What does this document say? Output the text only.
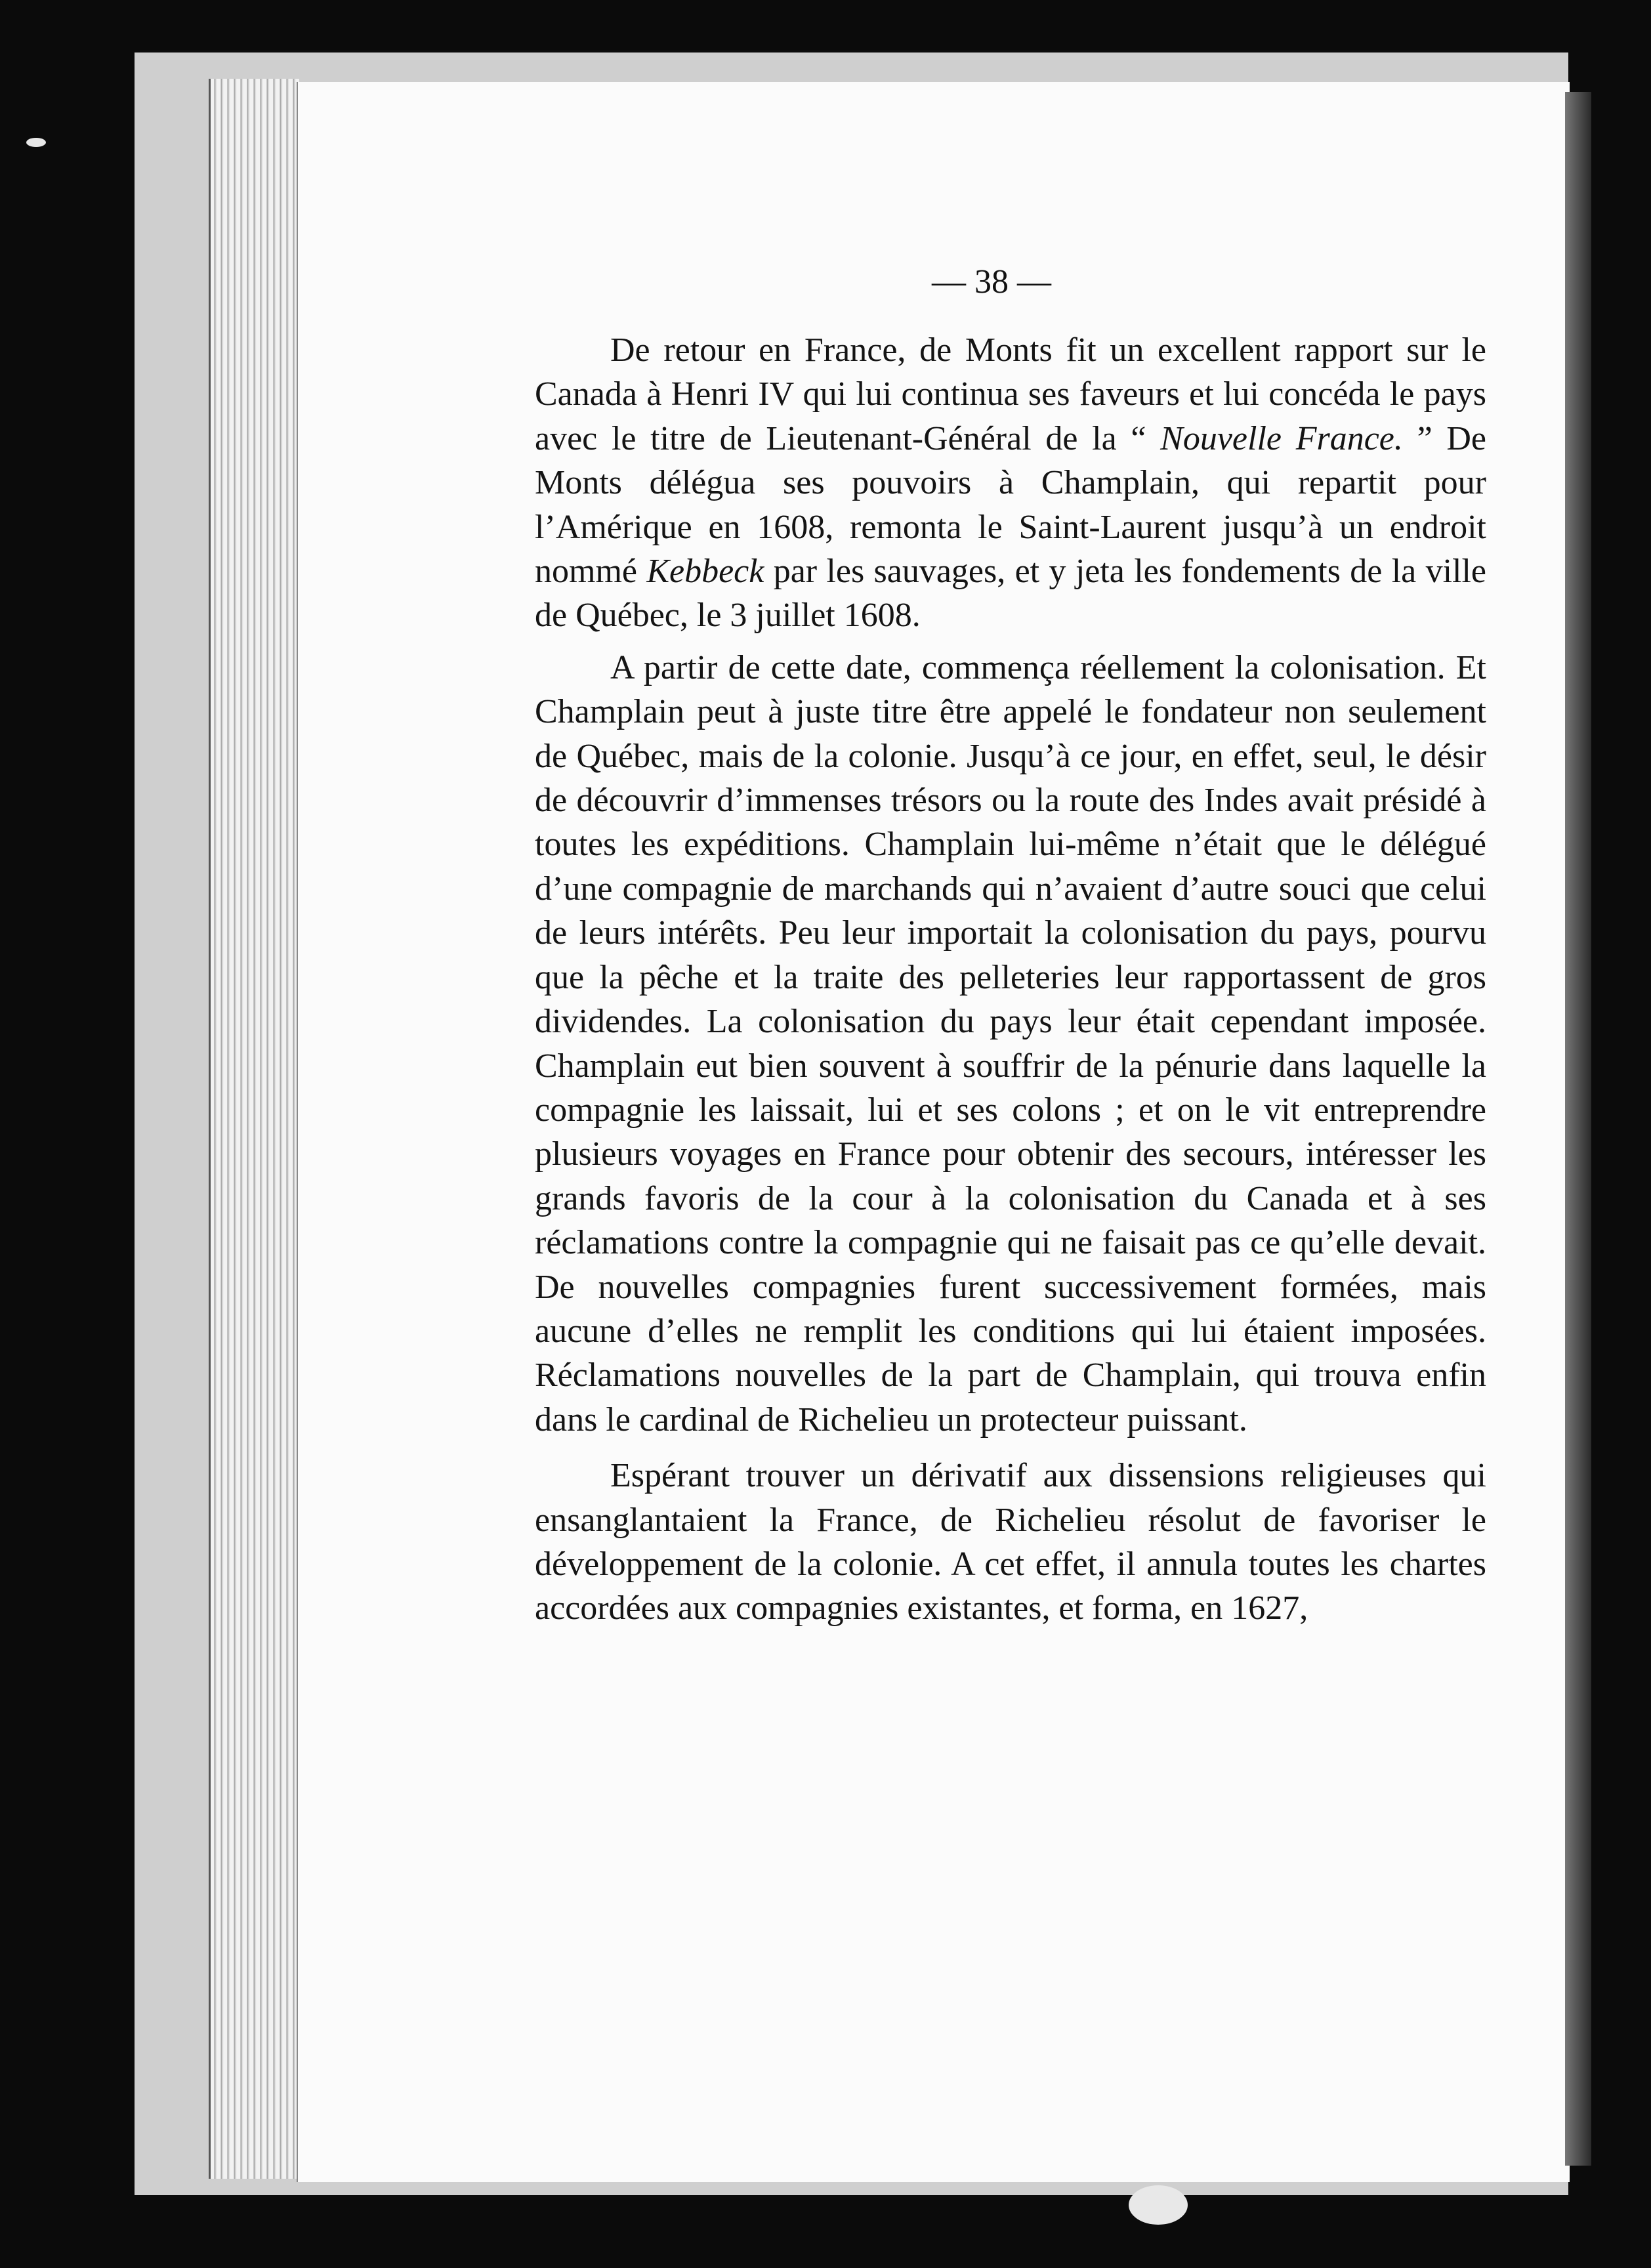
— 38 —

De retour en France, de Monts fit un excellent rapport sur le Canada à Henri IV qui lui continua ses faveurs et lui concéda le pays avec le titre de Lieutenant-Général de la “ Nouvelle France. ” De Monts délégua ses pouvoirs à Champlain, qui repartit pour l’Amérique en 1608, remonta le Saint-Laurent jusqu’à un endroit nommé Kebbeck par les sauvages, et y jeta les fondements de la ville de Québec, le 3 juillet 1608.

A partir de cette date, commença réellement la colonisation. Et Champlain peut à juste titre être appelé le fondateur non seulement de Québec, mais de la colonie. Jusqu’à ce jour, en effet, seul, le désir de découvrir d’immenses trésors ou la route des Indes avait présidé à toutes les expéditions. Champlain lui-même n’était que le délégué d’une compagnie de marchands qui n’avaient d’autre souci que celui de leurs intérêts. Peu leur importait la colonisation du pays, pourvu que la pêche et la traite des pelleteries leur rapportassent de gros dividendes. La colonisation du pays leur était cependant imposée. Champlain eut bien souvent à souffrir de la pénurie dans laquelle la compagnie les laissait, lui et ses colons ; et on le vit entreprendre plusieurs voyages en France pour obtenir des secours, intéresser les grands favoris de la cour à la colonisation du Canada et à ses réclamations contre la compagnie qui ne faisait pas ce qu’elle devait. De nouvelles compagnies furent successivement formées, mais aucune d’elles ne remplit les conditions qui lui étaient imposées. Réclamations nouvelles de la part de Champlain, qui trouva enfin dans le cardinal de Richelieu un protecteur puissant.

Espérant trouver un dérivatif aux dissensions religieuses qui ensanglantaient la France, de Richelieu résolut de favoriser le développement de la colonie. A cet effet, il annula toutes les chartes accordées aux compagnies existantes, et forma, en 1627,
